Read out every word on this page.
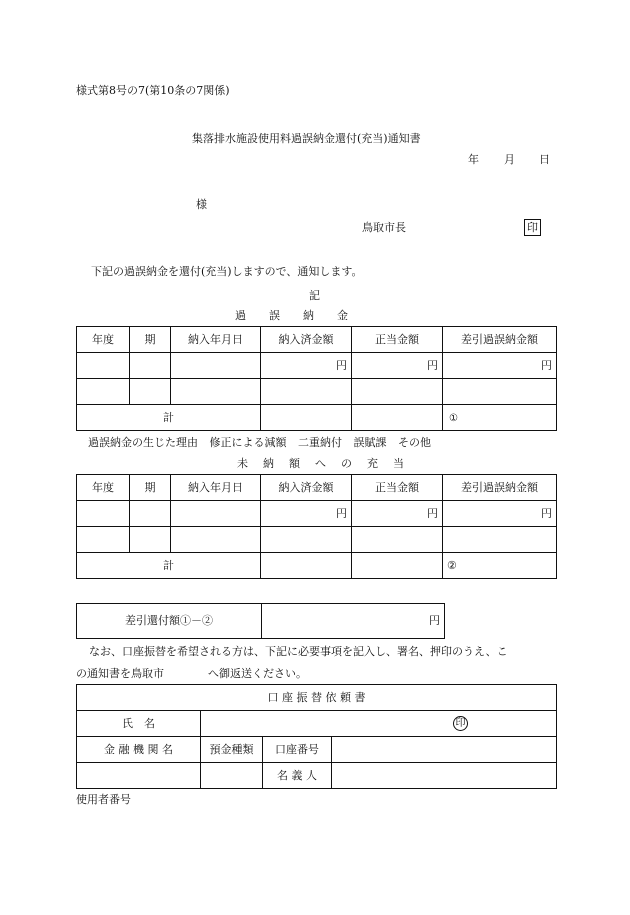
様式第8号の7(第10条の7関係)
集落排水施設使用料過誤納金還付(充当)通知書
年 月 日
様
鳥取市長	印
下記の過誤納金を還付(充当)しますので、通知します。
記
過　誤　納　金
年度	期	納入年月日	納入済金額	正当金額	差引過誤納金額
			円	円	円

計					①
過誤納金の生じた理由 修正による減額 二重納付 誤賦課 その他
未　納　額　へ　の　充　当
年度	期	納入年月日	納入済金額	正当金額	差引過誤納金額
			円	円	円

計					②
差引還付額①－②	円
なお、口座振替を希望される方は、下記に必要事項を記入し、署名、押印のうえ、こ
の通知書を鳥取市	へ御返送ください。
口 座 振 替 依 頼 書			
氏　名	印		
金 融 機 関 名	預金種類	口座番号	
		名 義 人	
使用者番号
